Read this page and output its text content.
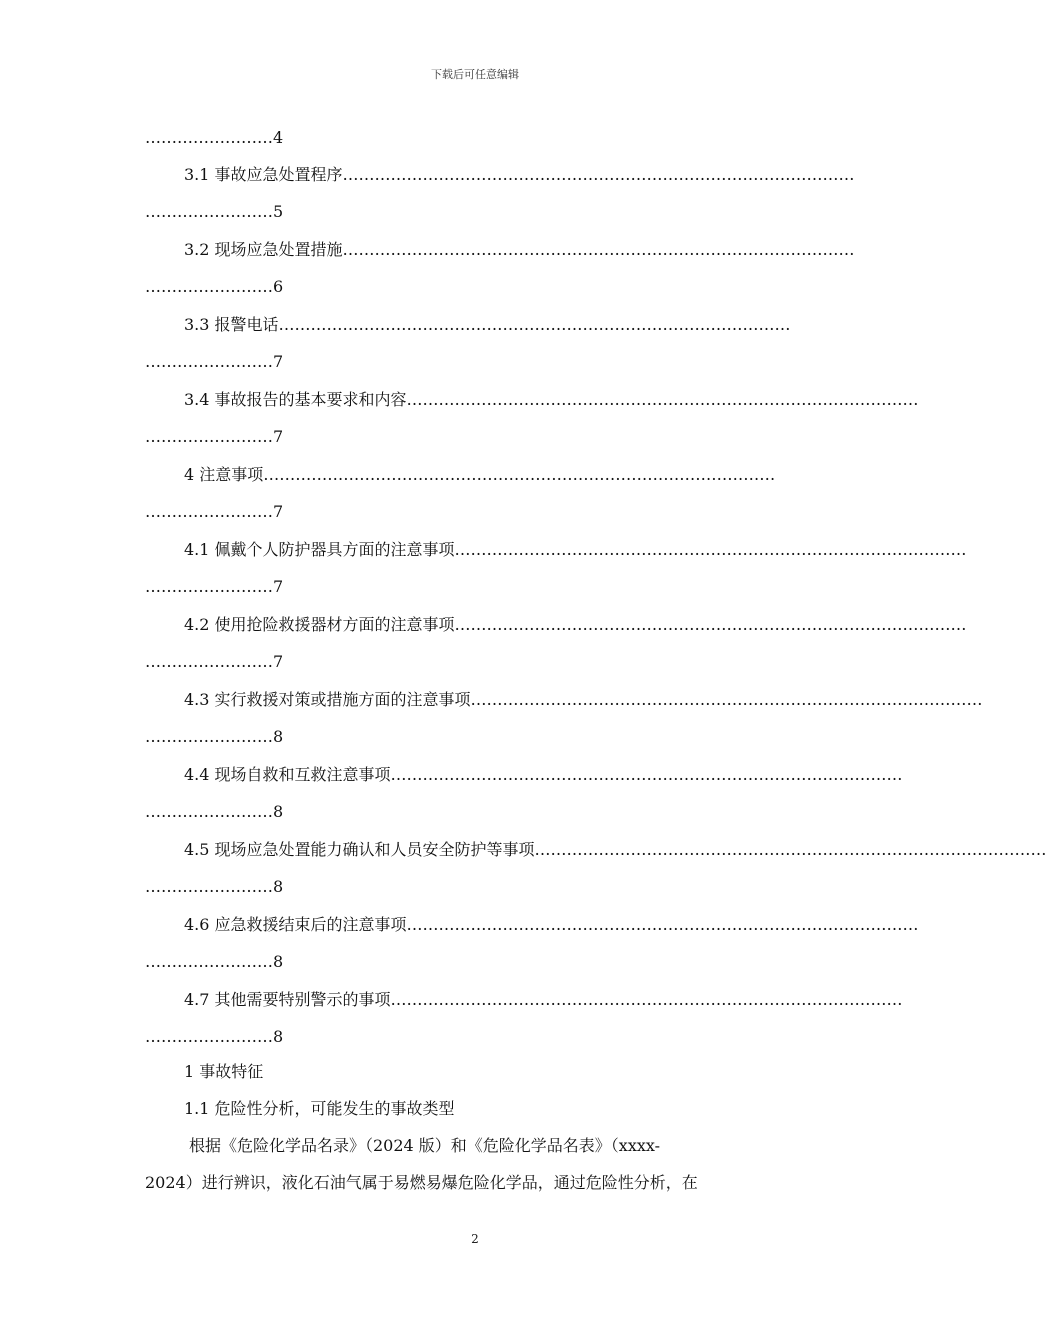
下载后可任意编辑
……………………4
3.1 事故应急处置程序……………………………………………………………………………………
……………………5
3.2 现场应急处置措施……………………………………………………………………………………
……………………6
3.3 报警电话……………………………………………………………………………………
……………………7
3.4 事故报告的基本要求和内容……………………………………………………………………………………
……………………7
4 注意事项……………………………………………………………………………………
……………………7
4.1 佩戴个人防护器具方面的注意事项……………………………………………………………………………………
……………………7
4.2 使用抢险救援器材方面的注意事项……………………………………………………………………………………
……………………7
4.3 实行救援对策或措施方面的注意事项……………………………………………………………………………………
……………………8
4.4 现场自救和互救注意事项……………………………………………………………………………………
……………………8
4.5 现场应急处置能力确认和人员安全防护等事项……………………………………………………………………………………
……………………8
4.6 应急救援结束后的注意事项……………………………………………………………………………………
……………………8
4.7 其他需要特别警示的事项……………………………………………………………………………………
……………………8
1 事故特征
1.1 危险性分析，可能发生的事故类型
根据《危险化学品名录》（2024 版）和《危险化学品名表》（xxxx-
2024）进行辨识，液化石油气属于易燃易爆危险化学品，通过危险性分析，在
2
